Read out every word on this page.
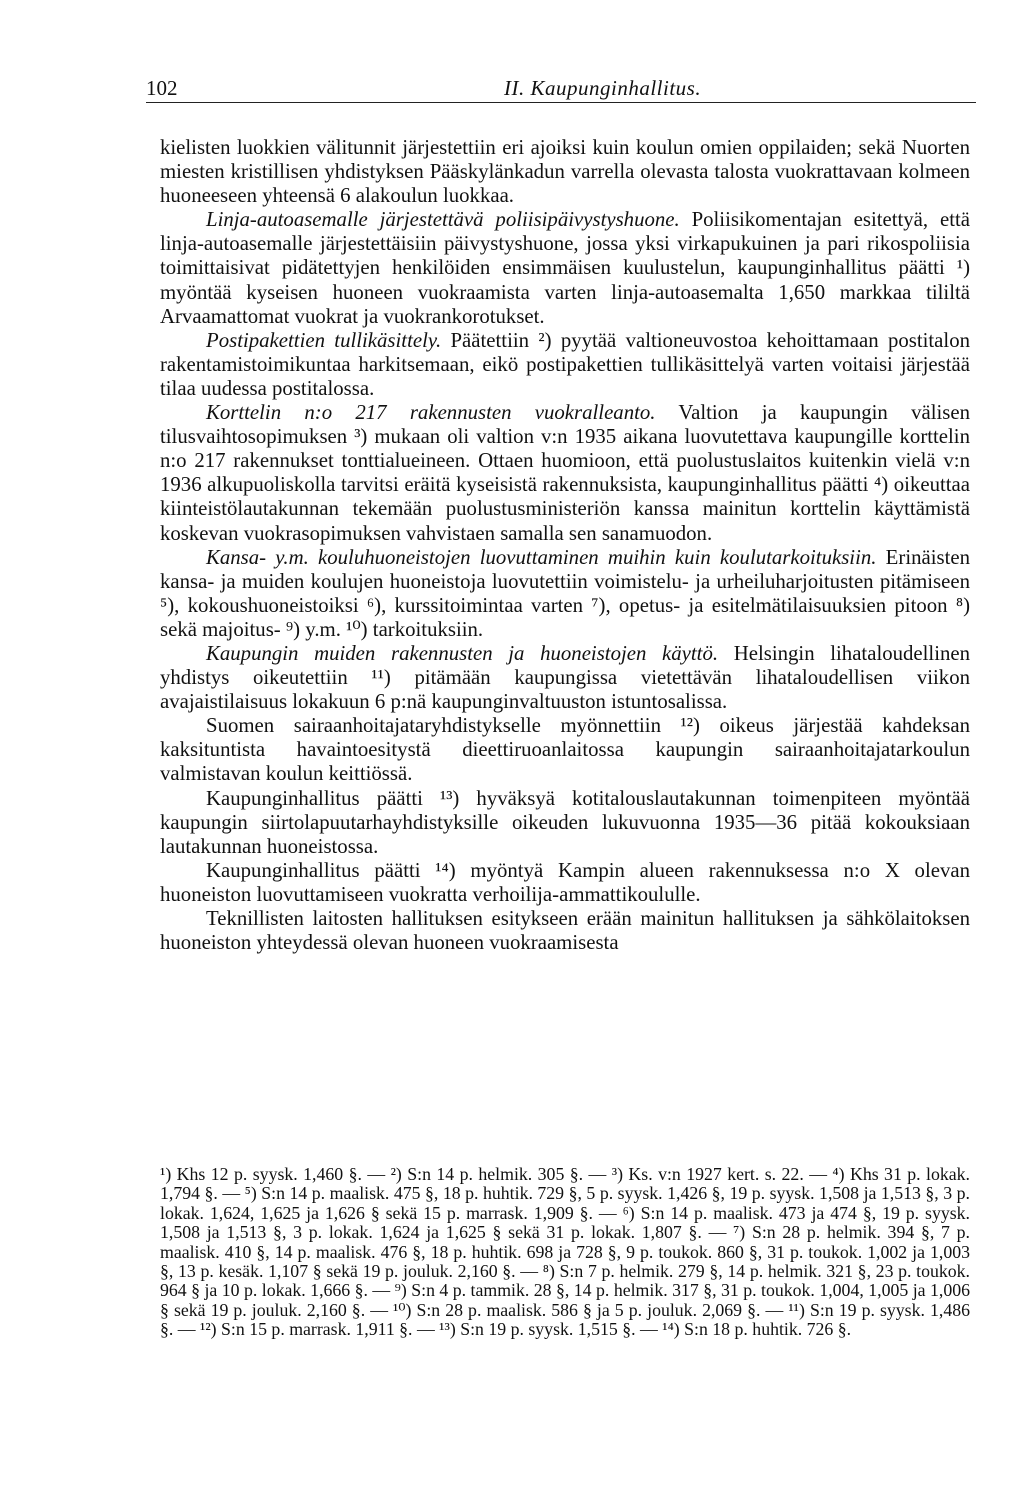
102	II. Kaupunginhallitus.

kielisten luokkien välitunnit järjestettiin eri ajoiksi kuin koulun omien oppilaiden; sekä Nuorten miesten kristillisen yhdistyksen Pääskylänkadun varrella olevasta talosta vuokrattavaan kolmeen huoneeseen yhteensä 6 alakoulun luokkaa.

Linja-autoasemalle järjestettävä poliisipäivystyshuone. Poliisikomentajan esitettyä, että linja-autoasemalle järjestettäisiin päivystyshuone, jossa yksi virkapukuinen ja pari rikospoliisia toimittaisivat pidätettyjen henkilöiden ensimmäisen kuulustelun, kaupunginhallitus päätti ¹) myöntää kyseisen huoneen vuokraamista varten linja-autoasemalta 1,650 markkaa tililtä Arvaamattomat vuokrat ja vuokrankorotukset.

Postipakettien tullikäsittely. Päätettiin ²) pyytää valtioneuvostoa kehoittamaan postitalon rakentamistoimikuntaa harkitsemaan, eikö postipakettien tullikäsittelyä varten voitaisi järjestää tilaa uudessa postitalossa.

Korttelin n:o 217 rakennusten vuokralleanto. Valtion ja kaupungin välisen tilusvaihtosopimuksen ³) mukaan oli valtion v:n 1935 aikana luovutettava kaupungille korttelin n:o 217 rakennukset tonttialueineen. Ottaen huomioon, että puolustuslaitos kuitenkin vielä v:n 1936 alkupuoliskolla tarvitsi eräitä kyseisistä rakennuksista, kaupunginhallitus päätti ⁴) oikeuttaa kiinteistölautakunnan tekemään puolustusministeriön kanssa mainitun korttelin käyttämistä koskevan vuokrasopimuksen vahvistaen samalla sen sanamuodon.

Kansa- y.m. kouluhuoneistojen luovuttaminen muihin kuin koulutarkoituksiin. Erinäisten kansa- ja muiden koulujen huoneistoja luovutettiin voimistelu- ja urheiluharjoitusten pitämiseen ⁵), kokoushuoneistoiksi ⁶), kurssitoimintaa varten ⁷), opetus- ja esitelmätilaisuuksien pitoon ⁸) sekä majoitus- ⁹) y.m. ¹⁰) tarkoituksiin.

Kaupungin muiden rakennusten ja huoneistojen käyttö. Helsingin lihataloudellinen yhdistys oikeutettiin ¹¹) pitämään kaupungissa vietettävän lihataloudellisen viikon avajaistilaisuus lokakuun 6 p:nä kaupunginvaltuuston istuntosalissa.

Suomen sairaanhoitajataryhdistykselle myönnettiin ¹²) oikeus järjestää kahdeksan kaksituntista havaintoesitystä dieettiruoanlaitossa kaupungin sairaanhoitajatarkoulun valmistavan koulun keittiössä.

Kaupunginhallitus päätti ¹³) hyväksyä kotitalouslautakunnan toimenpiteen myöntää kaupungin siirtolapuutarhayhdistyksille oikeuden lukuvuonna 1935—36 pitää kokouksiaan lautakunnan huoneistossa.

Kaupunginhallitus päätti ¹⁴) myöntyä Kampin alueen rakennuksessa n:o X olevan huoneiston luovuttamiseen vuokratta verhoilija-ammattikoululle.

Teknillisten laitosten hallituksen esitykseen erään mainitun hallituksen ja sähkölaitoksen huoneiston yhteydessä olevan huoneen vuokraamisesta

¹) Khs 12 p. syysk. 1,460 §. — ²) S:n 14 p. helmik. 305 §. — ³) Ks. v:n 1927 kert. s. 22. — ⁴) Khs 31 p. lokak. 1,794 §. — ⁵) S:n 14 p. maalisk. 475 §, 18 p. huhtik. 729 §, 5 p. syysk. 1,426 §, 19 p. syysk. 1,508 ja 1,513 §, 3 p. lokak. 1,624, 1,625 ja 1,626 § sekä 15 p. marrask. 1,909 §. — ⁶) S:n 14 p. maalisk. 473 ja 474 §, 19 p. syysk. 1,508 ja 1,513 §, 3 p. lokak. 1,624 ja 1,625 § sekä 31 p. lokak. 1,807 §. — ⁷) S:n 28 p. helmik. 394 §, 7 p. maalisk. 410 §, 14 p. maalisk. 476 §, 18 p. huhtik. 698 ja 728 §, 9 p. toukok. 860 §, 31 p. toukok. 1,002 ja 1,003 §, 13 p. kesäk. 1,107 § sekä 19 p. jouluk. 2,160 §. — ⁸) S:n 7 p. helmik. 279 §, 14 p. helmik. 321 §, 23 p. toukok. 964 § ja 10 p. lokak. 1,666 §. — ⁹) S:n 4 p. tammik. 28 §, 14 p. helmik. 317 §, 31 p. toukok. 1,004, 1,005 ja 1,006 § sekä 19 p. jouluk. 2,160 §. — ¹⁰) S:n 28 p. maalisk. 586 § ja 5 p. jouluk. 2,069 §. — ¹¹) S:n 19 p. syysk. 1,486 §. — ¹²) S:n 15 p. marrask. 1,911 §. — ¹³) S:n 19 p. syysk. 1,515 §. — ¹⁴) S:n 18 p. huhtik. 726 §.
